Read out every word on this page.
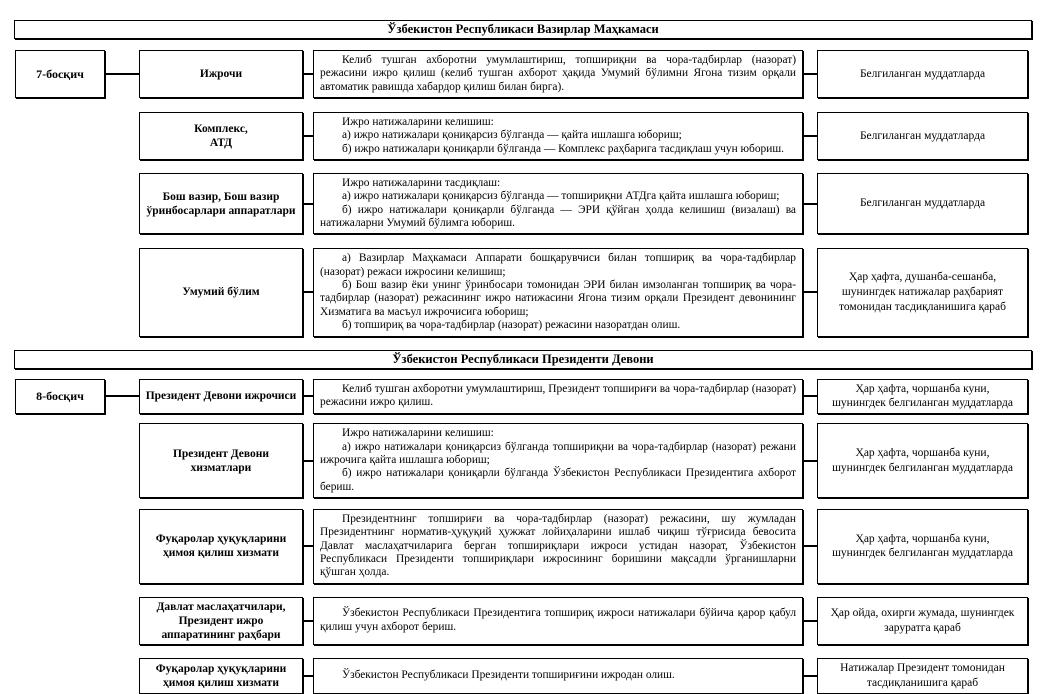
Ўзбекистон Республикаси Вазирлар Маҳкамаси
7-босқич	Ижрочи

Келиб тушган ахборотни умумлаштириш, топшириқни ва чора-тадбирлар (назорат) режасини ижро қилиш (келиб тушган ахборот ҳақида Умумий бўлимни Ягона тизим орқали автоматик равишда хабардор қилиш билан бирга).

Белгиланган муддатларда
Комплекс,
АТД

Ижро натижаларини келишиш:

а) ижро натижалари қониқарсиз бўлганда — қайта ишлашга юбориш;

б) ижро натижалари қониқарли бўлганда — Комплекс раҳбарига тасдиқлаш учун юбориш.

Белгиланган муддатларда
Бош вазир, Бош вазир ўринбосарлари аппаратлари

Ижро натижаларини тасдиқлаш:

а) ижро натижалари қониқарсиз бўлганда — топшириқни АТДга қайта ишлашга юбориш;

б) ижро натижалари қониқарли бўлганда — ЭРИ қўйган ҳолда келишиш (визалаш) ва натижаларни Умумий бўлимга юбориш.

Белгиланган муддатларда
Умумий бўлим

а) Вазирлар Маҳкамаси Аппарати бошқарувчиси билан топшириқ ва чора-тадбирлар (назорат) режаси ижросини келишиш;

б) Бош вазир ёки унинг ўринбосари томонидан ЭРИ билан имзоланган топшириқ ва чора-тадбирлар (назорат) режасининг ижро натижасини Ягона тизим орқали Президент девонининг Хизматига ва масъул ижрочисига юбориш;

б) топшириқ ва чора-тадбирлар (назорат) режасини назоратдан олиш.

Ҳар ҳафта, душанба-сешанба, шунингдек натижалар раҳбарият томонидан тасдиқланишига қараб
Ўзбекистон Республикаси Президенти Девони
8-босқич	Президент Девони ижрочиси

Келиб тушган ахборотни умумлаштириш, Президент топшириғи ва чора-тадбирлар (назорат) режасини ижро қилиш.

Ҳар ҳафта, чоршанба куни, шунингдек белгиланган муддатларда
Президент Девони хизматлари

Ижро натижаларини келишиш:

а) ижро натижалари қониқарсиз бўлганда топшириқни ва чора-тадбирлар (назорат) режани ижрочига қайта ишлашга юбориш;

б) ижро натижалари қониқарли бўлганда Ўзбекистон Республикаси Президентига ахборот бериш.

Ҳар ҳафта, чоршанба куни, шунингдек белгиланган муддатларда
Фуқаролар ҳуқуқларини ҳимоя қилиш хизмати

Президентнинг топшириғи ва чора-тадбирлар (назорат) режасини, шу жумладан Президентнинг норматив-ҳуқуқий ҳужжат лойиҳаларини ишлаб чиқиш тўғрисида бевосита Давлат маслаҳатчиларига берган топшириқлари ижроси устидан назорат, Ўзбекистон Республикаси Президенти топшириқлари ижросининг боришини мақсадли ўрганишларни қўшган ҳолда.

Ҳар ҳафта, чоршанба куни, шунингдек белгиланган муддатларда
Давлат маслаҳатчилари, Президент ижро аппаратининг раҳбари

Ўзбекистон Республикаси Президентига топшириқ ижроси натижалари бўйича қарор қабул қилиш учун ахборот бериш.

Ҳар ойда, охирги жумада, шунингдек заруратга қараб
Фуқаролар ҳуқуқларини ҳимоя қилиш хизмати

Ўзбекистон Республикаси Президенти топшириғини ижродан олиш.

Натижалар Президент томонидан тасдиқланишига қараб
